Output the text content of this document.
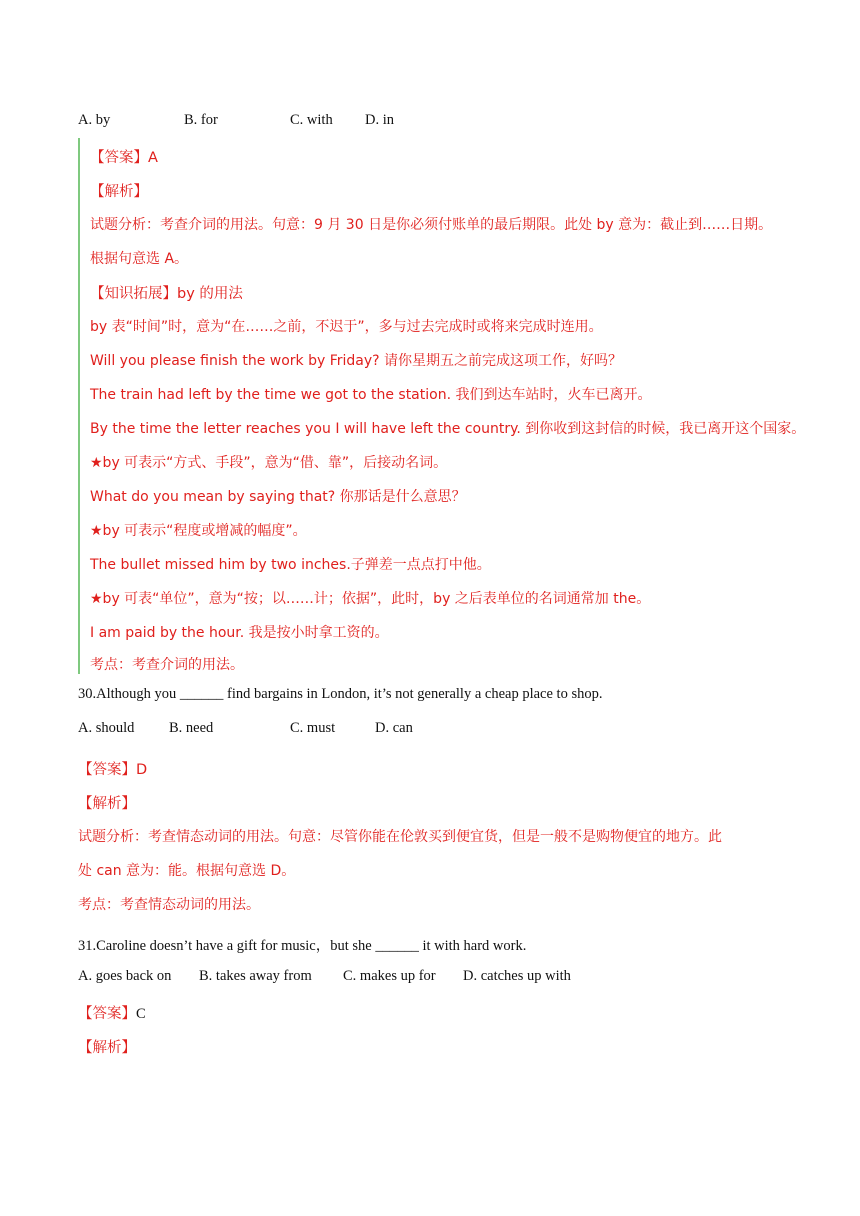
A. by	B. for	C. with D. in
【答案】A
【解析】
试题分析：考查介词的用法。句意：9 月 30 日是你必须付账单的最后期限。此处 by 意为：截止到……日期。
根据句意选 A。
【知识拓展】by 的用法
by 表“时间”时，意为“在……之前，不迟于”，多与过去完成时或将来完成时连用。
Will you please finish the work by Friday? 请你星期五之前完成这项工作，好吗？
The train had left by the time we got to the station. 我们到达车站时，火车已离开。
By the time the letter reaches you I will have left the country. 到你收到这封信的时候，我已离开这个国家。
★by 可表示“方式、手段”，意为“借、靠”，后接动名词。
What do you mean by saying that? 你那话是什么意思？
★by 可表示“程度或增减的幅度”。
The bullet missed him by two inches.子弹差一点点打中他。
★by 可表“单位”，意为“按；以……计；依据”，此时，by 之后表单位的名词通常加 the。
I am paid by the hour. 我是按小时拿工资的。
考点：考查介词的用法。
30.Although you ______ find bargains in London, it’s not generally a cheap place to shop.
A. should B. need	C. must	D. can
【答案】D
【解析】
试题分析：考查情态动词的用法。句意：尽管你能在伦敦买到便宜货，但是一般不是购物便宜的地方。此
处 can 意为：能。根据句意选 D。
考点：考查情态动词的用法。
31.Caroline doesn’t have a gift for music，but she ______ it with hard work.
A. goes back on B. takes away from C. makes up for D. catches up with
【答案】C
【解析】
